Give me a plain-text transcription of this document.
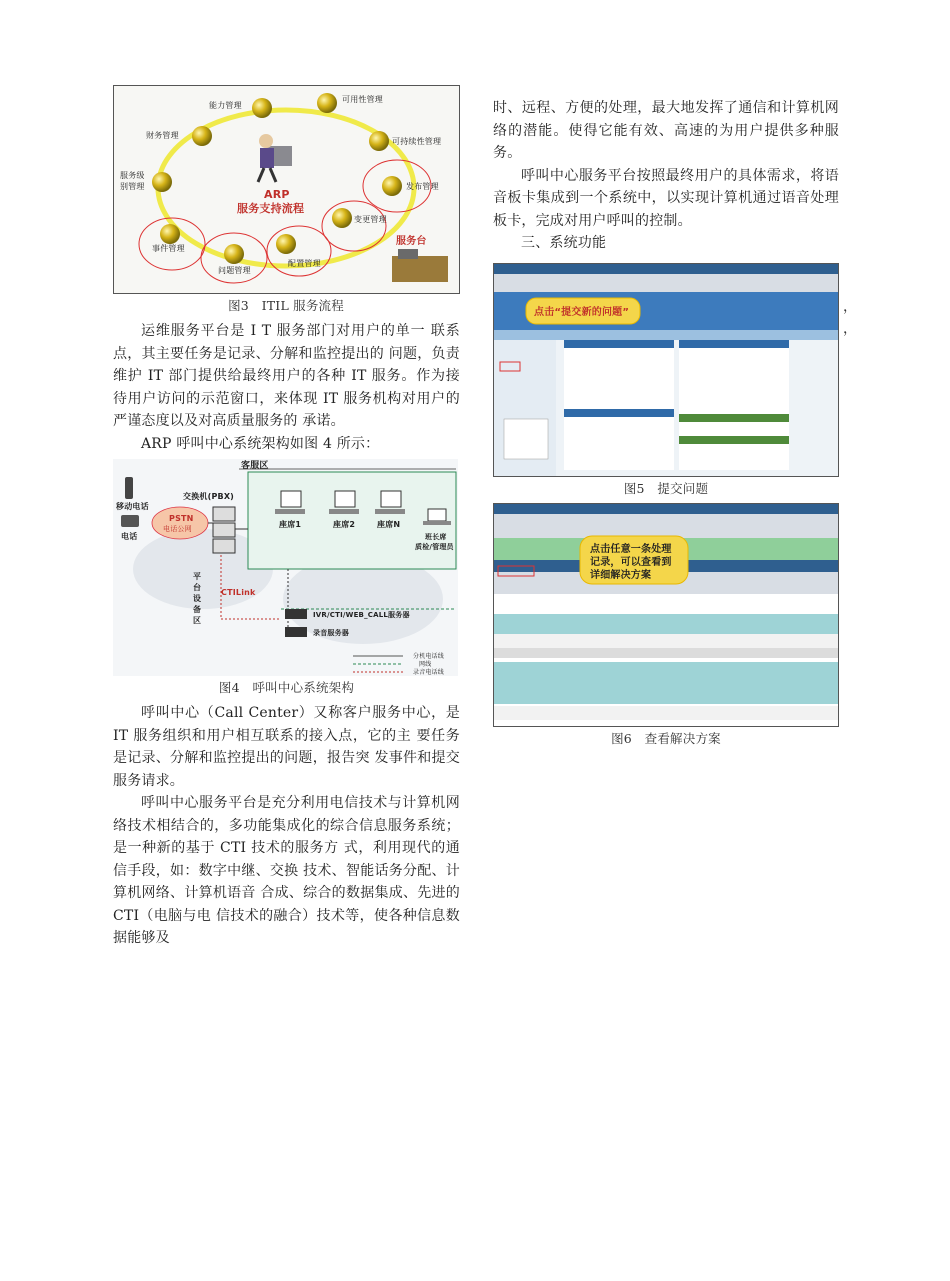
能力管理
可用性管理
财务管理
可持续性管理
服务级
别管理	发布管理
变更管理
配置管理
问题管理
事件管理
ARP
服务支持流程
服务台
图3　ITIL 服务流程

运维服务平台是 I T 服务部门对用户的单一 联系点，其主要任务是记录、分解和监控提出的 问题，负责维护 IT 部门提供给最终用户的各种 IT 服务。作为接待用户访问的示范窗口，来体现 IT 服务机构对用户的严谨态度以及对高质量服务的 承诺。

ARP 呼叫中心系统架构如图 4 所示：

客服区
移动电话
电话
PSTN
电话公网
交换机(PBX)
座席1	座席2	座席N
班长席
质检/管理员
平
台
设
备
区
CTILink
IVR/CTI/WEB_CALL服务器
录音服务器
分机电话线
网线
录音电话线
图4　呼叫中心系统架构

呼叫中心（Call Center）又称客户服务中心，是 IT 服务组织和用户相互联系的接入点，它的主 要任务是记录、分解和监控提出的问题，报告突 发事件和提交服务请求。

呼叫中心服务平台是充分利用电信技术与计算机网络技术相结合的，多功能集成化的综合信息服务系统；是一种新的基于 CTI 技术的服务方 式，利用现代的通信手段，如：数字中继、交换 技术、智能话务分配、计算机网络、计算机语音 合成、综合的数据集成、先进的 CTI（电脑与电 信技术的融合）技术等，使各种信息数据能够及

时、远程、方便的处理，最大地发挥了通信和计算机网络的潜能。使得它能有效、高速的为用户提供多种服务。

呼叫中心服务平台按照最终用户的具体需求，将语音板卡集成到一个系统中，以实现计算机通过语音处理板卡，完成对用户呼叫的控制。

三、系统功能

点击“提交新的问题”
图5　提交问题
点击任意一条处理
记录，可以查看到
详细解决方案
图6　查看解决方案
，
，
